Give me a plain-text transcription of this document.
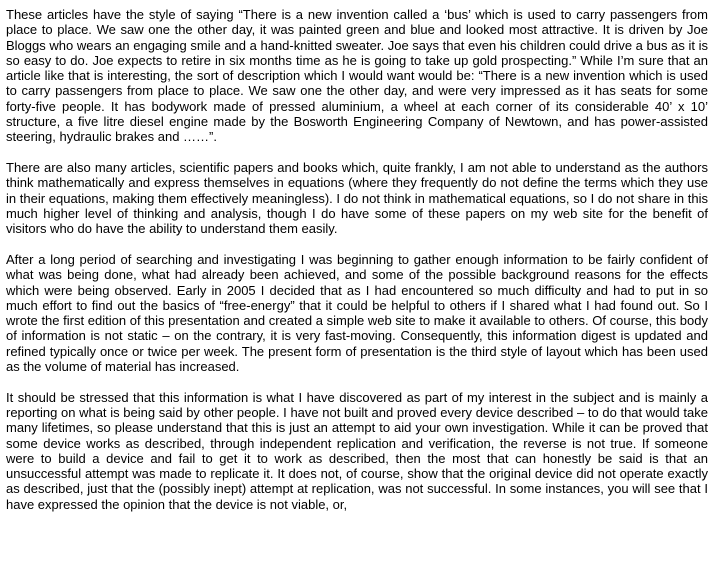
These articles have the style of saying “There is a new invention called a ‘bus’ which is used to carry passengers from place to place. We saw one the other day, it was painted green and blue and looked most attractive. It is driven by Joe Bloggs who wears an engaging smile and a hand-knitted sweater. Joe says that even his children could drive a bus as it is so easy to do. Joe expects to retire in six months time as he is going to take up gold prospecting.” While I’m sure that an article like that is interesting, the sort of description which I would want would be: “There is a new invention which is used to carry passengers from place to place. We saw one the other day, and were very impressed as it has seats for some forty-five people. It has bodywork made of pressed aluminium, a wheel at each corner of its considerable 40’ x 10’ structure, a five litre diesel engine made by the Bosworth Engineering Company of Newtown, and has power-assisted steering, hydraulic brakes and ……”.

There are also many articles, scientific papers and books which, quite frankly, I am not able to understand as the authors think mathematically and express themselves in equations (where they frequently do not define the terms which they use in their equations, making them effectively meaningless). I do not think in mathematical equations, so I do not share in this much higher level of thinking and analysis, though I do have some of these papers on my web site for the benefit of visitors who do have the ability to understand them easily.

After a long period of searching and investigating I was beginning to gather enough information to be fairly confident of what was being done, what had already been achieved, and some of the possible background reasons for the effects which were being observed. Early in 2005 I decided that as I had encountered so much difficulty and had to put in so much effort to find out the basics of “free-energy” that it could be helpful to others if I shared what I had found out. So I wrote the first edition of this presentation and created a simple web site to make it available to others. Of course, this body of information is not static – on the contrary, it is very fast-moving. Consequently, this information digest is updated and refined typically once or twice per week. The present form of presentation is the third style of layout which has been used as the volume of material has increased.

It should be stressed that this information is what I have discovered as part of my interest in the subject and is mainly a reporting on what is being said by other people. I have not built and proved every device described – to do that would take many lifetimes, so please understand that this is just an attempt to aid your own investigation. While it can be proved that some device works as described, through independent replication and verification, the reverse is not true. If someone were to build a device and fail to get it to work as described, then the most that can honestly be said is that an unsuccessful attempt was made to replicate it. It does not, of course, show that the original device did not operate exactly as described, just that the (possibly inept) attempt at replication, was not successful. In some instances, you will see that I have expressed the opinion that the device is not viable, or,
